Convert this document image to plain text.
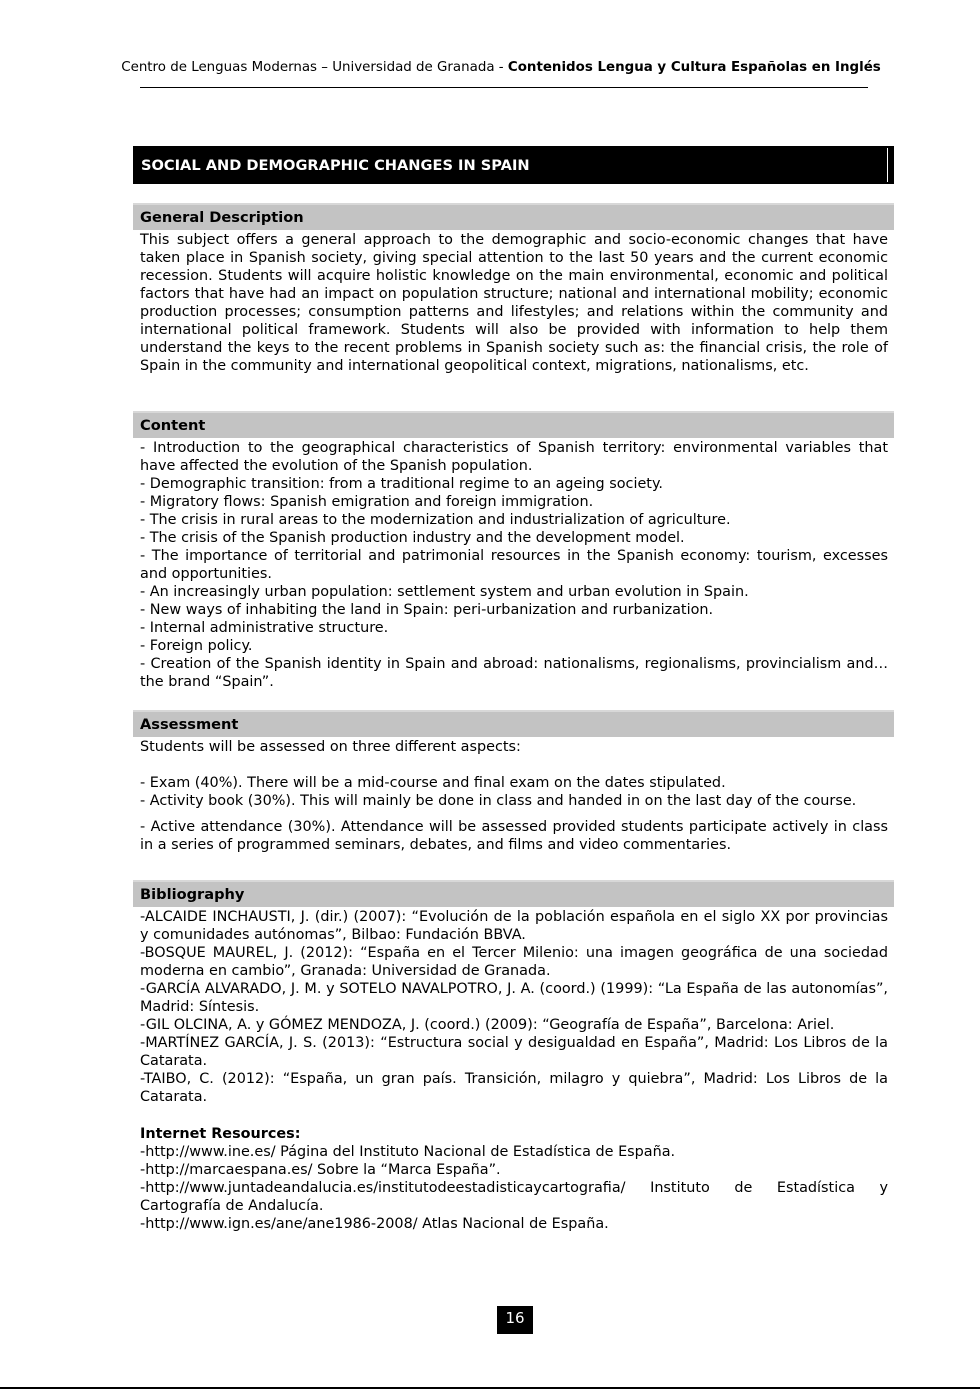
Centro de Lenguas Modernas – Universidad de Granada - Contenidos Lengua y Cultura Españolas en Inglés
SOCIAL AND DEMOGRAPHIC CHANGES IN SPAIN
General Description
This subject offers a general approach to the demographic and socio-economic changes that have taken place in Spanish society, giving special attention to the last 50 years and the current economic recession. Students will acquire holistic knowledge on the main environmental, economic and political factors that have had an impact on population structure; national and international mobility; economic production processes; consumption patterns and lifestyles; and relations within the community and international political framework. Students will also be provided with information to help them understand the keys to the recent problems in Spanish society such as: the financial crisis, the role of Spain in the community and international geopolitical context, migrations, nationalisms, etc.
Content
- Introduction to the geographical characteristics of Spanish territory: environmental variables that have affected the evolution of the Spanish population.
- Demographic transition: from a traditional regime to an ageing society.
- Migratory flows: Spanish emigration and foreign immigration.
- The crisis in rural areas to the modernization and industrialization of agriculture.
- The crisis of the Spanish production industry and the development model.
- The importance of territorial and patrimonial resources in the Spanish economy: tourism, excesses and opportunities.
- An increasingly urban population: settlement system and urban evolution in Spain.
- New ways of inhabiting the land in Spain: peri-urbanization and rurbanization.
- Internal administrative structure.
- Foreign policy.
- Creation of the Spanish identity in Spain and abroad: nationalisms, regionalisms, provincialism and… the brand “Spain”.
Assessment
Students will be assessed on three different aspects:
- Exam (40%). There will be a mid-course and final exam on the dates stipulated.
- Activity book (30%). This will mainly be done in class and handed in on the last day of the course.
- Active attendance (30%). Attendance will be assessed provided students participate actively in class in a series of programmed seminars, debates, and films and video commentaries.
Bibliography
-ALCAIDE INCHAUSTI, J. (dir.) (2007): “Evolución de la población española en el siglo XX por provincias y comunidades autónomas”, Bilbao: Fundación BBVA.
-BOSQUE MAUREL, J. (2012): “España en el Tercer Milenio: una imagen geográfica de una sociedad moderna en cambio”, Granada: Universidad de Granada.
-GARCÍA ALVARADO, J. M. y SOTELO NAVALPOTRO, J. A. (coord.) (1999): “La España de las autonomías”, Madrid: Síntesis.
-GIL OLCINA, A. y GÓMEZ MENDOZA, J. (coord.) (2009): “Geografía de España”, Barcelona: Ariel.
-MARTÍNEZ GARCÍA, J. S. (2013): “Estructura social y desigualdad en España”, Madrid: Los Libros de la Catarata.
-TAIBO, C. (2012): “España, un gran país. Transición, milagro y quiebra”, Madrid: Los Libros de la Catarata.
Internet Resources:
-http://www.ine.es/ Página del Instituto Nacional de Estadística de España.
-http://marcaespana.es/ Sobre la “Marca España”.
-http://www.juntadeandalucia.es/institutodeestadisticaycartografia/ Instituto de Estadística y Cartografía de Andalucía.
-http://www.ign.es/ane/ane1986-2008/ Atlas Nacional de España.
16
